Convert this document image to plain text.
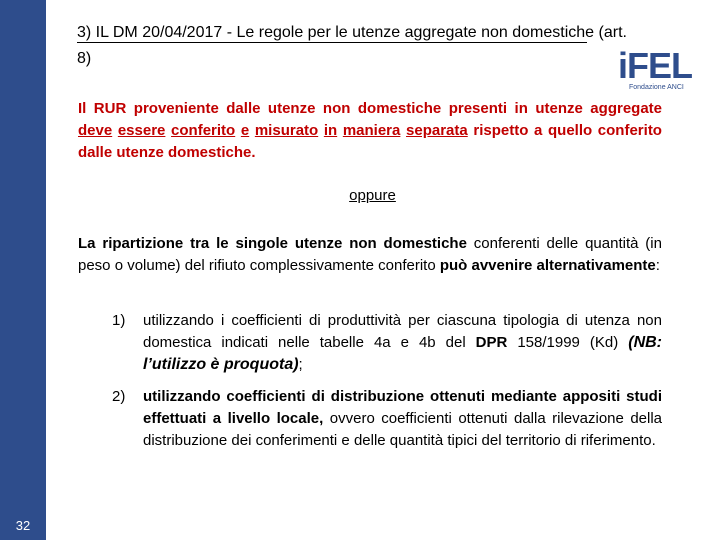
32
3) IL DM 20/04/2017 - Le regole per le utenze aggregate non domestiche (art. 8)	iFEL
Fondazione ANCI
Il RUR proveniente dalle utenze non domestiche presenti in utenze aggregate deve essere conferito e misurato in maniera separata rispetto a quello conferito dalle utenze domestiche.
oppure
La ripartizione tra le singole utenze non domestiche conferenti delle quantità (in peso o volume) del rifiuto complessivamente conferito può avvenire alternativamente:
1) utilizzando i coefficienti di produttività per ciascuna tipologia di utenza non domestica indicati nelle tabelle 4a e 4b del DPR 158/1999 (Kd) (NB: l’utilizzo è proquota);
2) utilizzando coefficienti di distribuzione ottenuti mediante appositi studi effettuati a livello locale, ovvero coefficienti ottenuti dalla rilevazione della distribuzione dei conferimenti e delle quantità tipici del territorio di riferimento.
